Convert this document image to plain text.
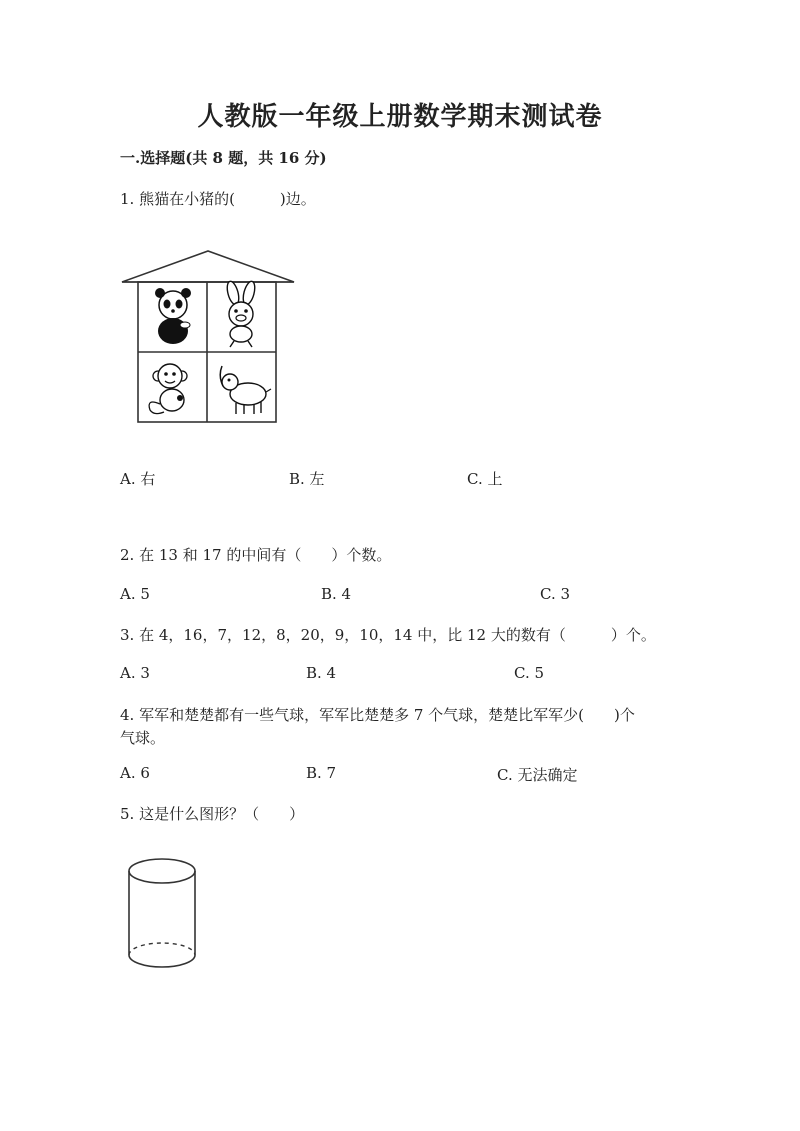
人教版一年级上册数学期末测试卷
一.选择题(共 8 题，共 16 分)
1. 熊猫在小猪的(　　　)边。
A. 右	B. 左	C. 上
2. 在 13 和 17 的中间有（　　）个数。
A. 5	B. 4	C. 3
3. 在 4，16，7，12，8，20，9，10，14 中，比 12 大的数有（　　　）个。
A. 3	B. 4	C. 5
4. 军军和楚楚都有一些气球，军军比楚楚多 7 个气球，楚楚比军军少(　　)个
气球。
A. 6	B. 7	C. 无法确定
5. 这是什么图形？（　　）
